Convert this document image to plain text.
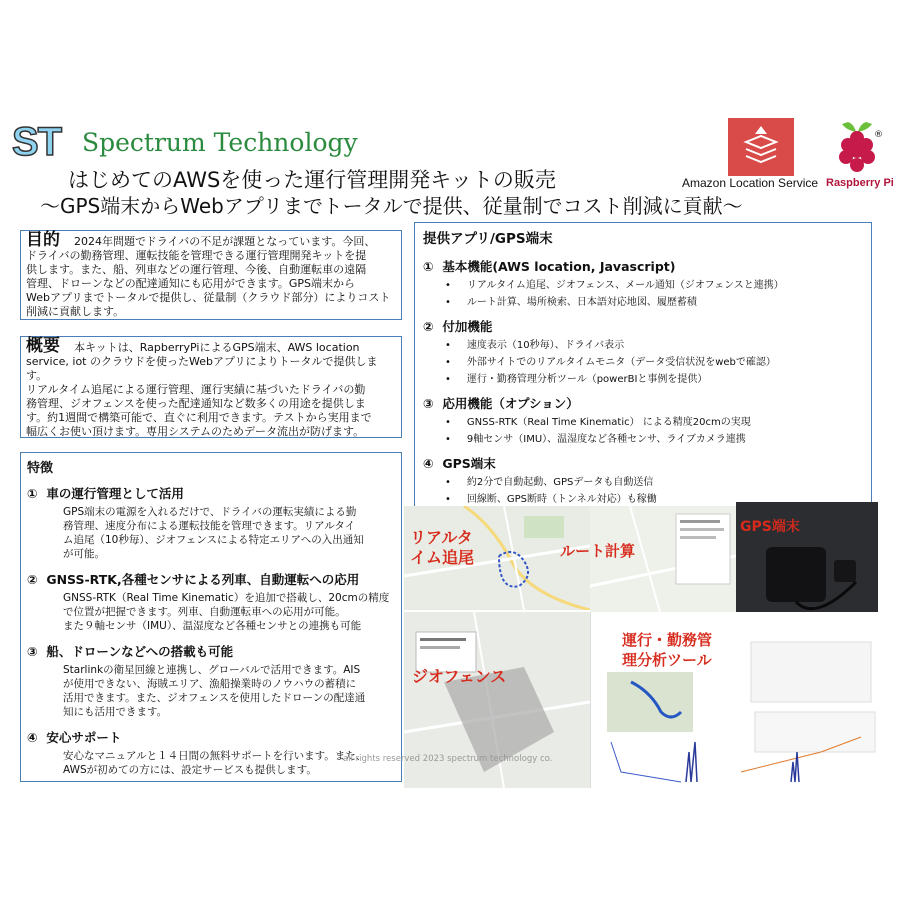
ST Spectrum Technology
はじめてのAWSを使った運行管理開発キットの販売
～GPS端末からWebアプリまでトータルで提供、従量制でコスト削減に貢献～
Amazon Location Service
®
Raspberry Pi
目的 2024年問題でドライバの不足が課題となっています。今回、
ドライバの勤務管理、運転技能を管理できる運行管理開発キットを提
供します。また、船、列車などの運行管理、今後、自動運転車の遠隔
管理、ドローンなどの配達通知にも応用ができます。GPS端末から
Webアプリまでトータルで提供し、従量制（クラウド部分）によりコスト
削減に貢献します。
概要 本キットは、RapberryPiによるGPS端末、AWS location
service, iot のクラウドを使ったWebアプリによりトータルで提供します。
リアルタイム追尾による運行管理、運行実績に基づいたドライバの勤
務管理、ジオフェンスを使った配達通知など数多くの用途を提供しま
す。約1週間で構築可能で、直ぐに利用できます。テストから実用まで
幅広くお使い頂けます。専用システムのためデータ流出が防げます。
特徴
① 車の運行管理として活用
GPS端末の電源を入れるだけで、ドライバの運転実績による勤
務管理、速度分布による運転技能を管理できます。リアルタイ
ム追尾（10秒毎）、ジオフェンスによる特定エリアへの入出通知
が可能。
② GNSS-RTK,各種センサによる列車、自動運転への応用
GNSS-RTK（Real Time Kinematic）を追加で搭載し、20cmの精度
で位置が把握できます。列車、自動運転車への応用が可能。
また９軸センサ（IMU）、温湿度など各種センサとの連携も可能
③ 船、ドローンなどへの搭載も可能
Starlinkの衛星回線と連携し、グローバルで活用できます。AIS
が使用できない、海賊エリア、漁船操業時のノウハウの蓄積に
活用できます。また、ジオフェンスを使用したドローンの配達通
知にも活用できます。
④ 安心サポート
安心なマニュアルと１４日間の無料サポートを行います。また、
AWSが初めての方には、設定サービスも提供します。
提供アプリ/GPS端末
① 基本機能(AWS location, Javascript)
• リアルタイム追尾、ジオフェンス、メール通知（ジオフェンスと連携）
• ルート計算、場所検索、日本語対応地図、履歴蓄積
② 付加機能
• 速度表示（10秒毎）、ドライバ表示
• 外部サイトでのリアルタイムモニタ（データ受信状況をwebで確認）
• 運行・勤務管理分析ツール（powerBIと事例を提供）
③ 応用機能（オプション）
• GNSS-RTK（Real Time Kinematic） による精度20cmの実現
• 9軸センサ（IMU）、温湿度など各種センサ、ライブカメラ連携
④ GPS端末
• 約2分で自動起動、GPSデータも自動送信
• 回線断、GPS断時（トンネル対応）も稼働
リアルタ イム追尾	ルート計算
GPS端末
ジオフェンス
運行・勤務管 理分析ツール
all rights reserved 2023 spectrum technology co.
